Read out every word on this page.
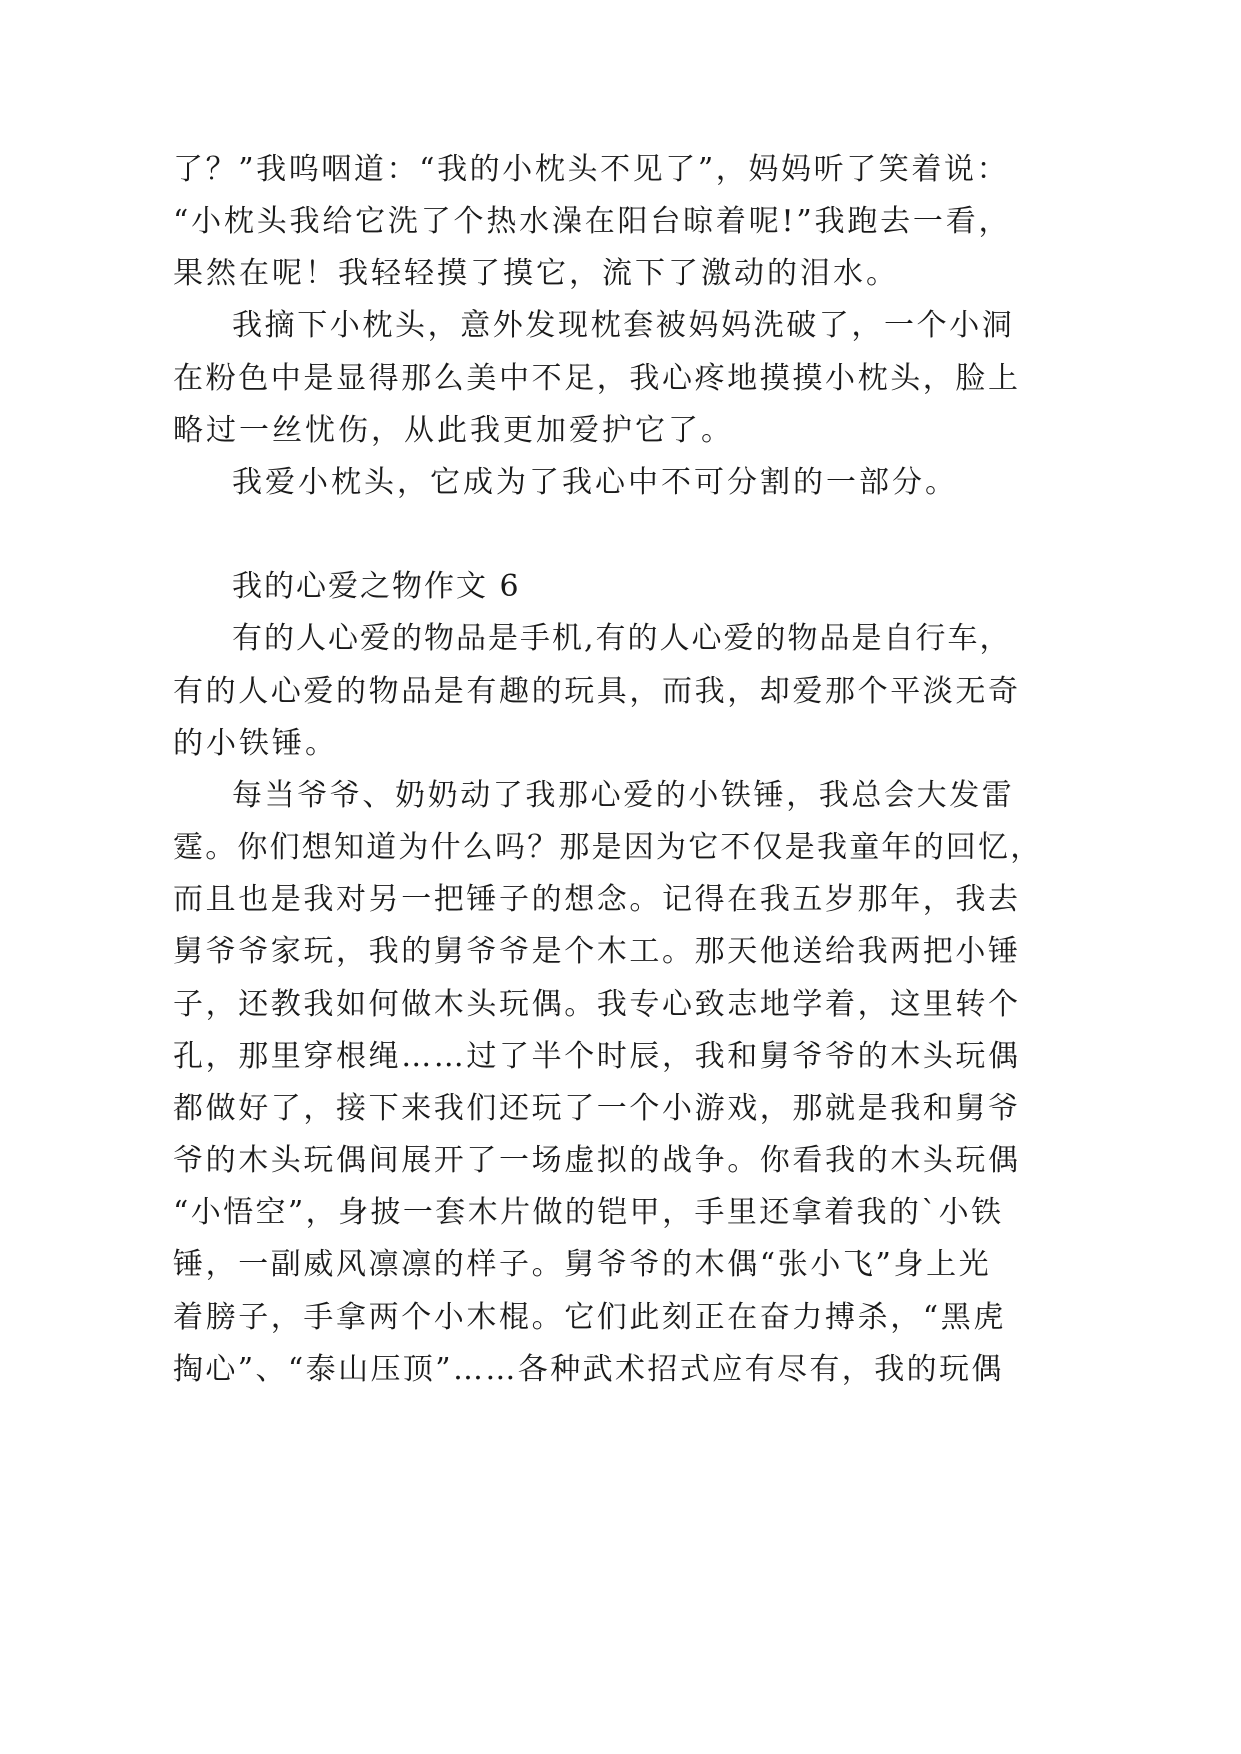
了？”我呜咽道：“我的小枕头不见了”，妈妈听了笑着说：

“小枕头我给它洗了个热水澡在阳台晾着呢!”我跑去一看，

果然在呢！我轻轻摸了摸它，流下了激动的泪水。

我摘下小枕头，意外发现枕套被妈妈洗破了，一个小洞

在粉色中是显得那么美中不足，我心疼地摸摸小枕头，脸上

略过一丝忧伤，从此我更加爱护它了。

我爱小枕头，它成为了我心中不可分割的一部分。

我的心爱之物作文 6

有的人心爱的物品是手机,有的人心爱的物品是自行车，

有的人心爱的物品是有趣的玩具，而我，却爱那个平淡无奇

的小铁锤。

每当爷爷、奶奶动了我那心爱的小铁锤，我总会大发雷

霆。你们想知道为什么吗？那是因为它不仅是我童年的回忆，

而且也是我对另一把锤子的想念。记得在我五岁那年，我去

舅爷爷家玩，我的舅爷爷是个木工。那天他送给我两把小锤

子，还教我如何做木头玩偶。我专心致志地学着，这里转个

孔，那里穿根绳……过了半个时辰，我和舅爷爷的木头玩偶

都做好了，接下来我们还玩了一个小游戏，那就是我和舅爷

爷的木头玩偶间展开了一场虚拟的战争。你看我的木头玩偶

“小悟空”，身披一套木片做的铠甲，手里还拿着我的`小铁

锤，一副威风凛凛的样子。舅爷爷的木偶“张小飞”身上光

着膀子，手拿两个小木棍。它们此刻正在奋力搏杀，“黑虎

掏心”、“泰山压顶”……各种武术招式应有尽有，我的玩偶
